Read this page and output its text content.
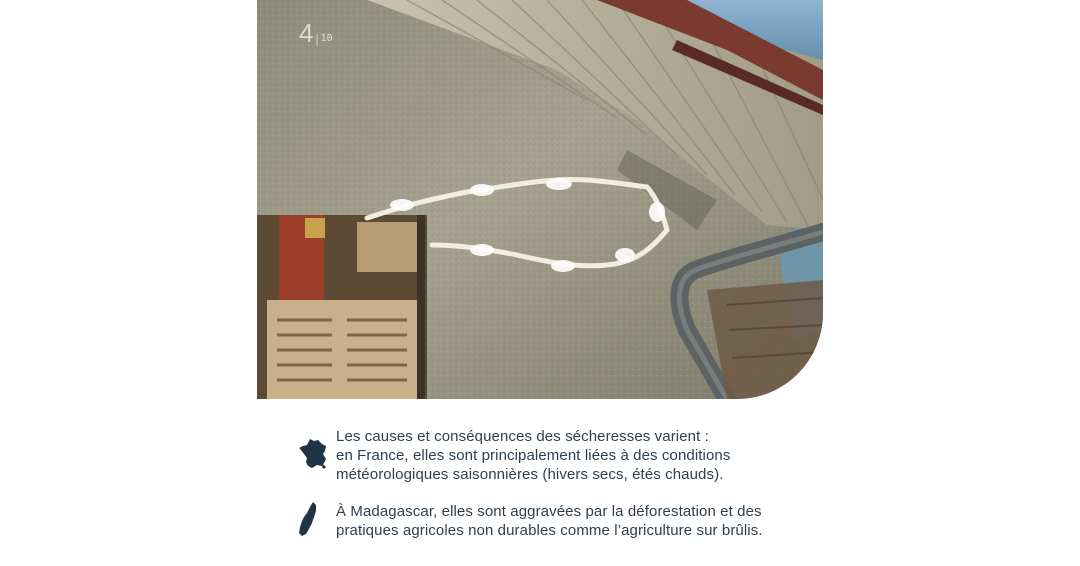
4 | 10
Les causes et conséquences des sécheresses varient :
en France, elles sont principalement liées à des conditions
météorologiques saisonnières (hivers secs, étés chauds).
À Madagascar, elles sont aggravées par la déforestation et des
pratiques agricoles non durables comme l’agriculture sur brûlis.
